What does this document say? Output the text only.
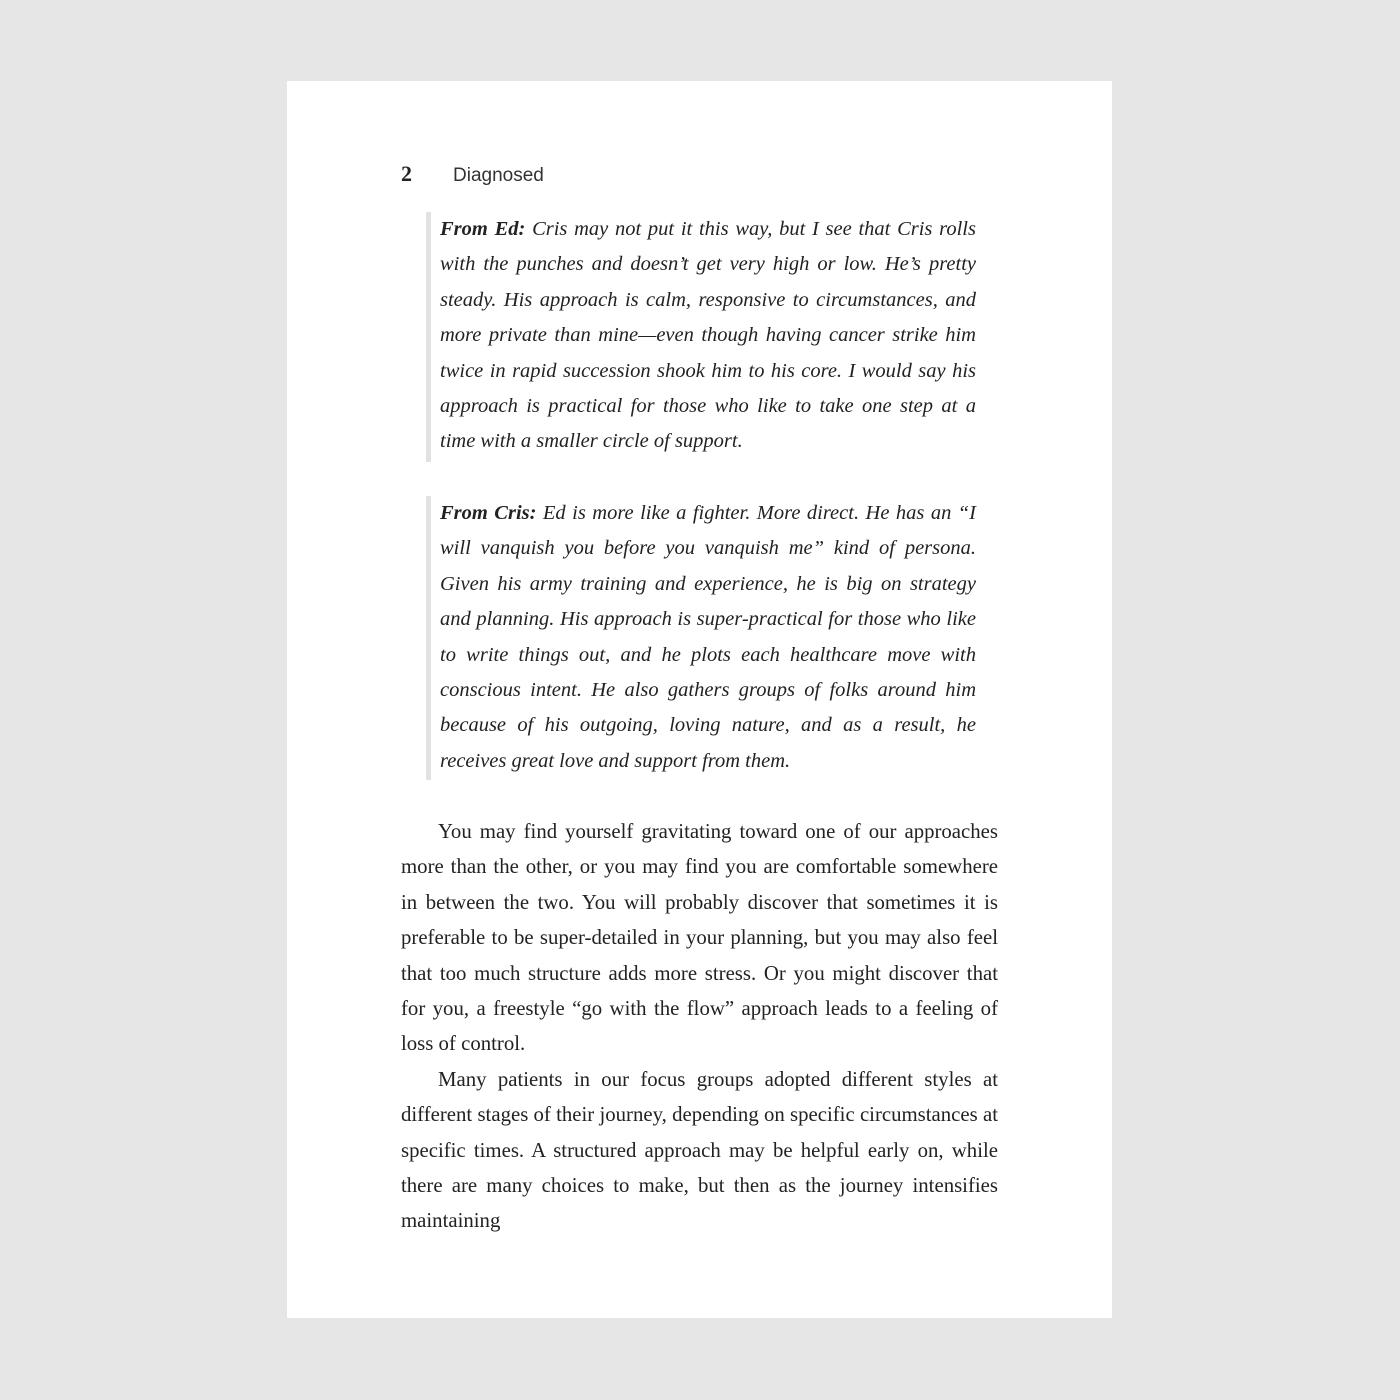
2	Diagnosed
From Ed: Cris may not put it this way, but I see that Cris rolls with the punches and doesn’t get very high or low. He’s pretty steady. His approach is calm, responsive to circumstances, and more private than mine—even though having cancer strike him twice in rapid succession shook him to his core. I would say his approach is practical for those who like to take one step at a time with a smaller circle of support.
From Cris: Ed is more like a fighter. More direct. He has an “I will vanquish you before you vanquish me” kind of persona. Given his army training and experience, he is big on strategy and planning. His approach is super-practical for those who like to write things out, and he plots each healthcare move with conscious intent. He also gathers groups of folks around him because of his outgoing, loving nature, and as a result, he receives great love and support from them.

You may find yourself gravitating toward one of our approaches more than the other, or you may find you are comfortable somewhere in between the two. You will probably discover that sometimes it is preferable to be super-detailed in your planning, but you may also feel that too much structure adds more stress. Or you might discover that for you, a freestyle “go with the flow” approach leads to a feeling of loss of control.

Many patients in our focus groups adopted different styles at different stages of their journey, depending on specific circumstances at specific times. A structured approach may be helpful early on, while there are many choices to make, but then as the journey intensifies maintaining
